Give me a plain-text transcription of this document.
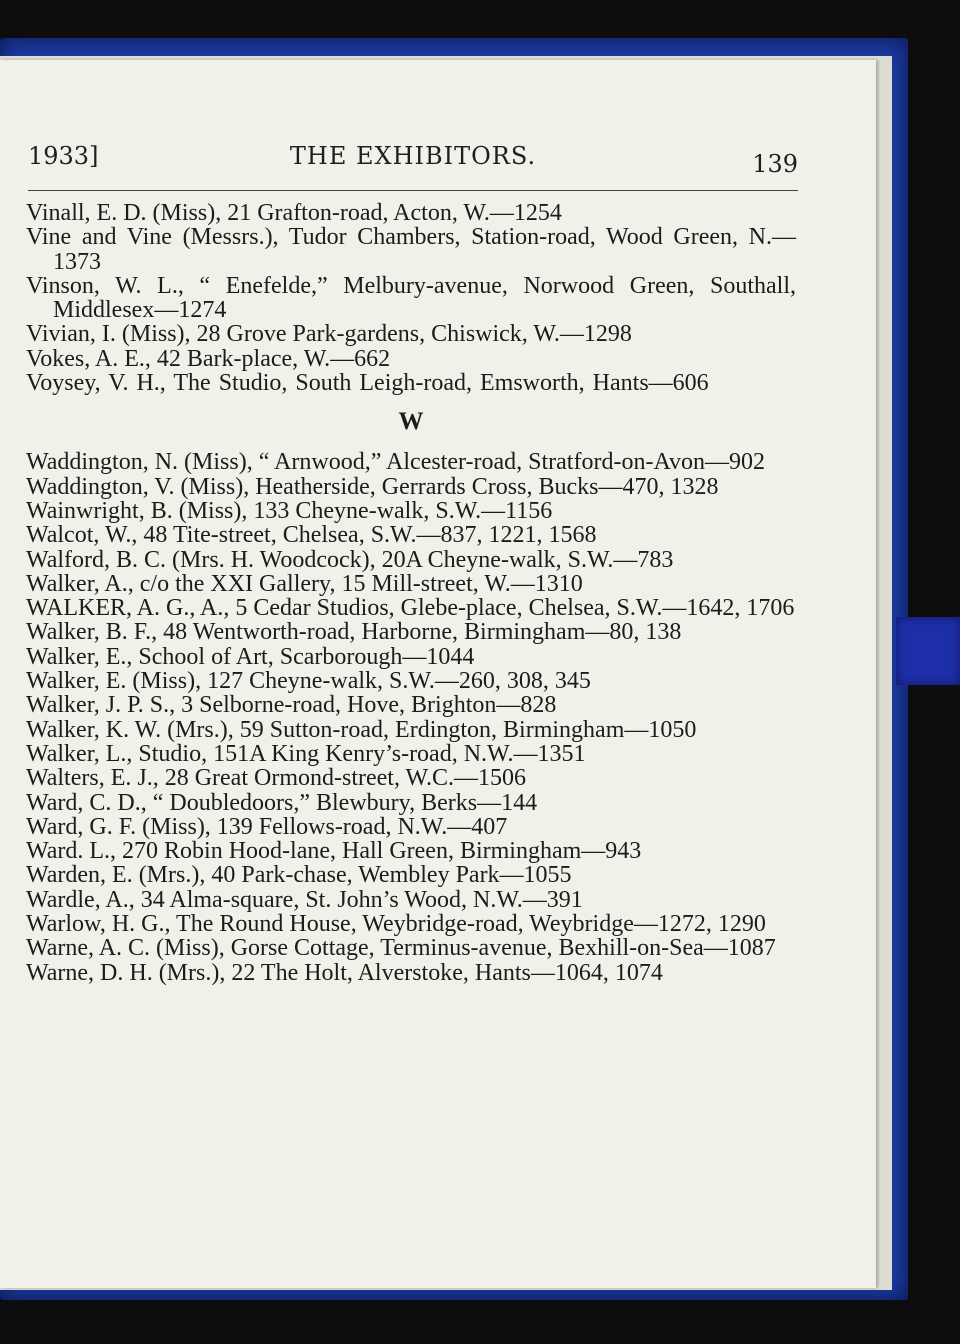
1933]	THE EXHIBITORS.	139

Vinall, E. D. (Miss), 21 Grafton-road, Acton, W.—1254

Vine and Vine (Messrs.), Tudor Chambers, Station-road, Wood Green, N.—1373

Vinson, W. L., “ Enefelde,” Melbury-avenue, Norwood Green, Southall, Middlesex—1274

Vivian, I. (Miss), 28 Grove Park-gardens, Chiswick, W.—1298

Vokes, A. E., 42 Bark-place, W.—662

Voysey, V. H., The Studio, South Leigh-road, Emsworth, Hants—606

W

Waddington, N. (Miss), “ Arnwood,” Alcester-road, Stratford-on-Avon—902

Waddington, V. (Miss), Heatherside, Gerrards Cross, Bucks—470, 1328

Wainwright, B. (Miss), 133 Cheyne-walk, S.W.—1156

Walcot, W., 48 Tite-street, Chelsea, S.W.—837, 1221, 1568

Walford, B. C. (Mrs. H. Woodcock), 20A Cheyne-walk, S.W.—783

Walker, A., c/o the XXI Gallery, 15 Mill-street, W.—1310

WALKER, A. G., A., 5 Cedar Studios, Glebe-place, Chelsea, S.W.—1642, 1706

Walker, B. F., 48 Wentworth-road, Harborne, Birmingham—80, 138

Walker, E., School of Art, Scarborough—1044

Walker, E. (Miss), 127 Cheyne-walk, S.W.—260, 308, 345

Walker, J. P. S., 3 Selborne-road, Hove, Brighton—828

Walker, K. W. (Mrs.), 59 Sutton-road, Erdington, Birmingham—1050

Walker, L., Studio, 151A King Kenry’s-road, N.W.—1351

Walters, E. J., 28 Great Ormond-street, W.C.—1506

Ward, C. D., “ Doubledoors,” Blewbury, Berks—144

Ward, G. F. (Miss), 139 Fellows-road, N.W.—407

Ward. L., 270 Robin Hood-lane, Hall Green, Birmingham—943

Warden, E. (Mrs.), 40 Park-chase, Wembley Park—1055

Wardle, A., 34 Alma-square, St. John’s Wood, N.W.—391

Warlow, H. G., The Round House, Weybridge-road, Weybridge—1272, 1290

Warne, A. C. (Miss), Gorse Cottage, Terminus-avenue, Bexhill-on-Sea—1087

Warne, D. H. (Mrs.), 22 The Holt, Alverstoke, Hants—1064, 1074
